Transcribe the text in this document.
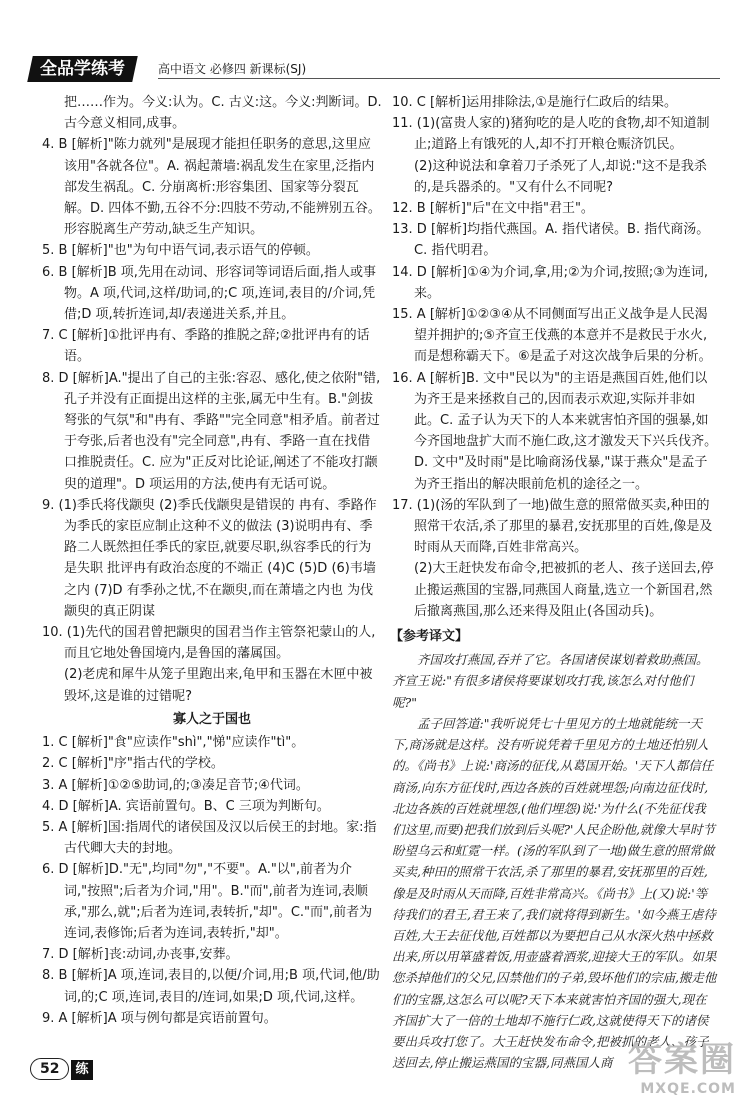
全品学练考	高中语文 必修四 新课标(SJ)

把……作为。今义:认为。C. 古义:这。今义:判断词。D. 古今意义相同,成事。

4. B [解析]"陈力就列"是展现才能担任职务的意思,这里应该用"各就各位"。A. 祸起萧墙:祸乱发生在家里,泛指内部发生祸乱。C. 分崩离析:形容集团、国家等分裂瓦解。D. 四体不勤,五谷不分:四肢不劳动,不能辨别五谷。形容脱离生产劳动,缺乏生产知识。

5. B [解析]"也"为句中语气词,表示语气的停顿。

6. B [解析]B 项,先用在动词、形容词等词语后面,指人或事物。A 项,代词,这样/助词,的;C 项,连词,表目的/介词,凭借;D 项,转折连词,却/表递进关系,并且。

7. C [解析]①批评冉有、季路的推脱之辞;②批评冉有的话语。

8. D [解析]A."提出了自己的主张:容忍、感化,使之依附"错,孔子并没有正面提出这样的主张,属无中生有。B."剑拔弩张的气氛"和"冉有、季路""完全同意"相矛盾。前者过于夸张,后者也没有"完全同意",冉有、季路一直在找借口推脱责任。C. 应为"正反对比论证,阐述了不能攻打颛臾的道理"。D 项运用的方法,使冉有无话可说。

9. (1)季氏将伐颛臾 (2)季氏伐颛臾是错误的 冉有、季路作为季氏的家臣应制止这种不义的做法 (3)说明冉有、季路二人既然担任季氏的家臣,就要尽职,纵容季氏的行为是失职 批评冉有政治态度的不端正 (4)C (5)D (6)韦墙之内 (7)D 有季孙之忧,不在颛臾,而在萧墙之内也 为伐颛臾的真正阴谋

10. (1)先代的国君曾把颛臾的国君当作主管祭祀蒙山的人,而且它地处鲁国境内,是鲁国的藩属国。

(2)老虎和犀牛从笼子里跑出来,龟甲和玉器在木匣中被毁坏,这是谁的过错呢?

寡人之于国也

1. C [解析]"食"应读作"shì","悌"应读作"tì"。

2. C [解析]"序"指古代的学校。

3. A [解析]①②⑤助词,的;③凑足音节;④代词。

4. D [解析]A. 宾语前置句。B、C 三项为判断句。

5. A [解析]国:指周代的诸侯国及汉以后侯王的封地。家:指古代卿大夫的封地。

6. D [解析]D."无",均同"勿","不要"。A."以",前者为介词,"按照";后者为介词,"用"。B."而",前者为连词,表顺承,"那么,就";后者为连词,表转折,"却"。C."而",前者为连词,表修饰;后者为连词,表转折,"却"。

7. D [解析]丧:动词,办丧事,安葬。

8. B [解析]A 项,连词,表目的,以便/介词,用;B 项,代词,他/助词,的;C 项,连词,表目的/连词,如果;D 项,代词,这样。

9. A [解析]A 项与例句都是宾语前置句。

10. C [解析]运用排除法,①是施行仁政后的结果。

11. (1)(富贵人家的)猪狗吃的是人吃的食物,却不知道制止;道路上有饿死的人,却不打开粮仓赈济饥民。

(2)这种说法和拿着刀子杀死了人,却说:"这不是我杀的,是兵器杀的。"又有什么不同呢?

12. B [解析]"后"在文中指"君王"。

13. D [解析]均指代燕国。A. 指代诸侯。B. 指代商汤。C. 指代明君。

14. D [解析]①④为介词,拿,用;②为介词,按照;③为连词,来。

15. A [解析]①②③④从不同侧面写出正义战争是人民渴望并拥护的;⑤齐宣王伐燕的本意并不是救民于水火,而是想称霸天下。⑥是孟子对这次战争后果的分析。

16. A [解析]B. 文中"民以为"的主语是燕国百姓,他们以为齐王是来拯救自己的,因而表示欢迎,实际并非如此。C. 孟子认为天下的人本来就害怕齐国的强暴,如今齐国地盘扩大而不施仁政,这才激发天下兴兵伐齐。D. 文中"及时雨"是比喻商汤伐暴,"谋于燕众"是孟子为齐王指出的解决眼前危机的途径之一。

17. (1)(汤的军队到了一地)做生意的照常做买卖,种田的照常干农活,杀了那里的暴君,安抚那里的百姓,像是及时雨从天而降,百姓非常高兴。

(2)大王赶快发布命令,把被抓的老人、孩子送回去,停止搬运燕国的宝器,同燕国人商量,选立一个新国君,然后撤离燕国,那么还来得及阻止(各国动兵)。

【参考译文】

齐国攻打燕国,吞并了它。各国诸侯谋划着救助燕国。齐宣王说:"有很多诸侯将要谋划攻打我,该怎么对付他们呢?"

孟子回答道:"我听说凭七十里见方的土地就能统一天下,商汤就是这样。没有听说凭着千里见方的土地还怕别人的。《尚书》上说:'商汤的征伐,从葛国开始。'天下人都信任商汤,向东方征伐时,西边各族的百姓就埋怨;向南边征伐时,北边各族的百姓就埋怨,(他们埋怨)说:'为什么(不先征伐我们这里,而要)把我们放到后头呢?'人民企盼他,就像大旱时节盼望乌云和虹霓一样。(汤的军队到了一地)做生意的照常做买卖,种田的照常干农活,杀了那里的暴君,安抚那里的百姓,像是及时雨从天而降,百姓非常高兴。《尚书》上(又)说:'等待我们的君王,君王来了,我们就将得到新生。'如今燕王虐待百姓,大王去征伐他,百姓都以为要把自己从水深火热中拯救出来,所以用箪盛着饭,用壶盛着酒浆,迎接大王的军队。如果您杀掉他们的父兄,囚禁他们的子弟,毁坏他们的宗庙,搬走他们的宝器,这怎么可以呢?天下本来就害怕齐国的强大,现在齐国扩大了一倍的土地却不施行仁政,这就使得天下的诸侯要出兵攻打您了。大王赶快发布命令,把被抓的老人、孩子送回去,停止搬运燕国的宝器,同燕国人商

52 练	答案圈
MXQE.COM
